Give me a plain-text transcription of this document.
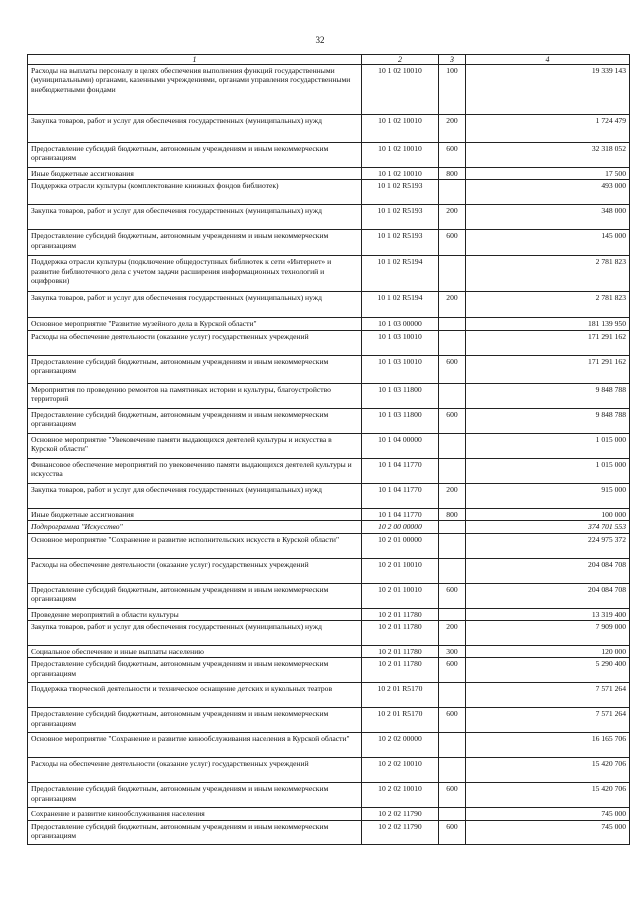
32
1	2	3	4
Расходы на выплаты персоналу в целях обеспечения выполнения функций государственными (муниципальными) органами, казенными учреждениями, органами управления государственными внебюджетными фондами	10 1 02 10010	100	19 339 143
Закупка товаров, работ и услуг для обеспечения государственных (муниципальных) нужд	10 1 02 10010	200	1 724 479
Предоставление субсидий бюджетным, автономным учреждениям и иным некоммерческим организациям	10 1 02 10010	600	32 318 052
Иные бюджетные ассигнования	10 1 02 10010	800	17 500
Поддержка отрасли культуры (комплектование книжных фондов библиотек)	10 1 02 R5193		493 000
Закупка товаров, работ и услуг для обеспечения государственных (муниципальных) нужд	10 1 02 R5193	200	348 000
Предоставление субсидий бюджетным, автономным учреждениям и иным некоммерческим организациям	10 1 02 R5193	600	145 000
Поддержка отрасли культуры (подключение общедоступных библиотек к сети «Интернет» и развитие библиотечного дела с учетом задачи расширения информационных технологий и оцифровки)	10 1 02 R5194		2 781 823
Закупка товаров, работ и услуг для обеспечения государственных (муниципальных) нужд	10 1 02 R5194	200	2 781 823
Основное мероприятие "Развитие музейного дела в Курской области"	10 1 03 00000		181 139 950
Расходы на обеспечение деятельности (оказание услуг) государственных учреждений	10 1 03 10010		171 291 162
Предоставление субсидий бюджетным, автономным учреждениям и иным некоммерческим организациям	10 1 03 10010	600	171 291 162
Мероприятия по проведению ремонтов на памятниках истории и культуры, благоустройство территорий	10 1 03 11800		9 848 788
Предоставление субсидий бюджетным, автономным учреждениям и иным некоммерческим организациям	10 1 03 11800	600	9 848 788
Основное мероприятие "Увековечение памяти выдающихся деятелей культуры и искусства в Курской области"	10 1 04 00000		1 015 000
Финансовое обеспечение мероприятий по увековечению памяти выдающихся деятелей культуры и искусства	10 1 04 11770		1 015 000
Закупка товаров, работ и услуг для обеспечения государственных (муниципальных) нужд	10 1 04 11770	200	915 000
Иные бюджетные ассигнования	10 1 04 11770	800	100 000
Подпрограмма "Искусство"	10 2 00 00000		374 701 553
Основное мероприятие "Сохранение и развитие исполнительских искусств в Курской области"	10 2 01 00000		224 975 372
Расходы на обеспечение деятельности (оказание услуг) государственных учреждений	10 2 01 10010		204 084 708
Предоставление субсидий бюджетным, автономным учреждениям и иным некоммерческим организациям	10 2 01 10010	600	204 084 708
Проведение мероприятий в области культуры	10 2 01 11780		13 319 400
Закупка товаров, работ и услуг для обеспечения государственных (муниципальных) нужд	10 2 01 11780	200	7 909 000
Социальное обеспечение и иные выплаты населению	10 2 01 11780	300	120 000
Предоставление субсидий бюджетным, автономным учреждениям и иным некоммерческим организациям	10 2 01 11780	600	5 290 400
Поддержка творческой деятельности и техническое оснащение детских и кукольных театров	10 2 01 R5170		7 571 264
Предоставление субсидий бюджетным, автономным учреждениям и иным некоммерческим организациям	10 2 01 R5170	600	7 571 264
Основное мероприятие "Сохранение и развитие кинообслуживания населения в Курской области"	10 2 02 00000		16 165 706
Расходы на обеспечение деятельности (оказание услуг) государственных учреждений	10 2 02 10010		15 420 706
Предоставление субсидий бюджетным, автономным учреждениям и иным некоммерческим организациям	10 2 02 10010	600	15 420 706
Сохранение и развитие кинообслуживания населения	10 2 02 11790		745 000
Предоставление субсидий бюджетным, автономным учреждениям и иным некоммерческим организациям	10 2 02 11790	600	745 000
